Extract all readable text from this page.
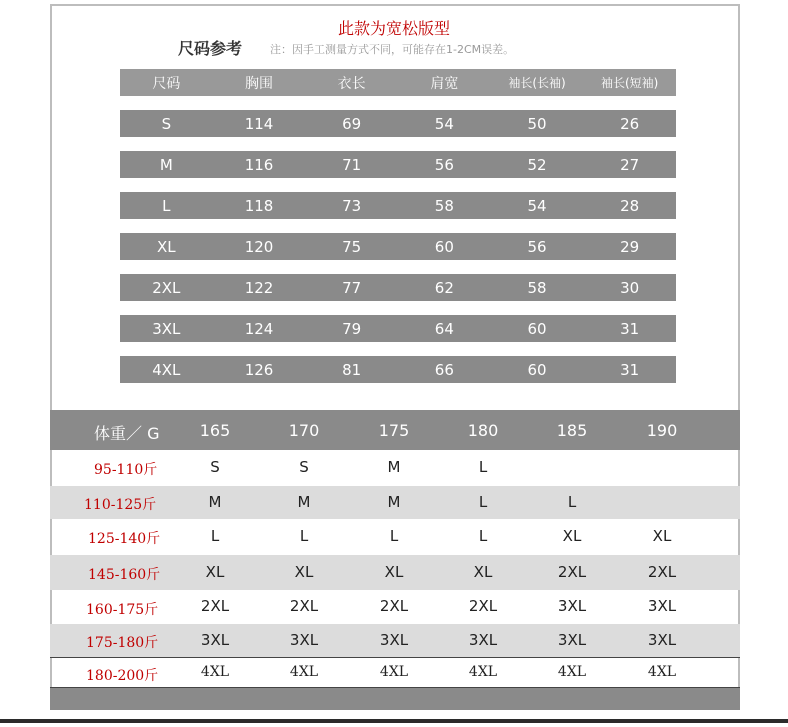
此款为宽松版型
尺码参考	注：因手工测量方式不同，可能存在1-2CM误差。
尺码	胸围	衣长	肩宽	袖长(长袖)	袖长(短袖)
S	114	69	54	50	26
M	116	71	56	52	27
L	118	73	58	54	28
XL	120	75	60	56	29
2XL	122	77	62	58	30
3XL	124	79	64	60	31
4XL	126	81	66	60	31
体重／ G	165	170	175	180	185	190
95-110斤	S	S	M	L
110-125斤	M	M	M	L	L
125-140斤	L	L	L	L	XL	XL
145-160斤	XL	XL	XL	XL	2XL	2XL
160-175斤	2XL	2XL	2XL	2XL	3XL	3XL
175-180斤	3XL	3XL	3XL	3XL	3XL	3XL
180-200斤	4XL	4XL	4XL	4XL	4XL	4XL
